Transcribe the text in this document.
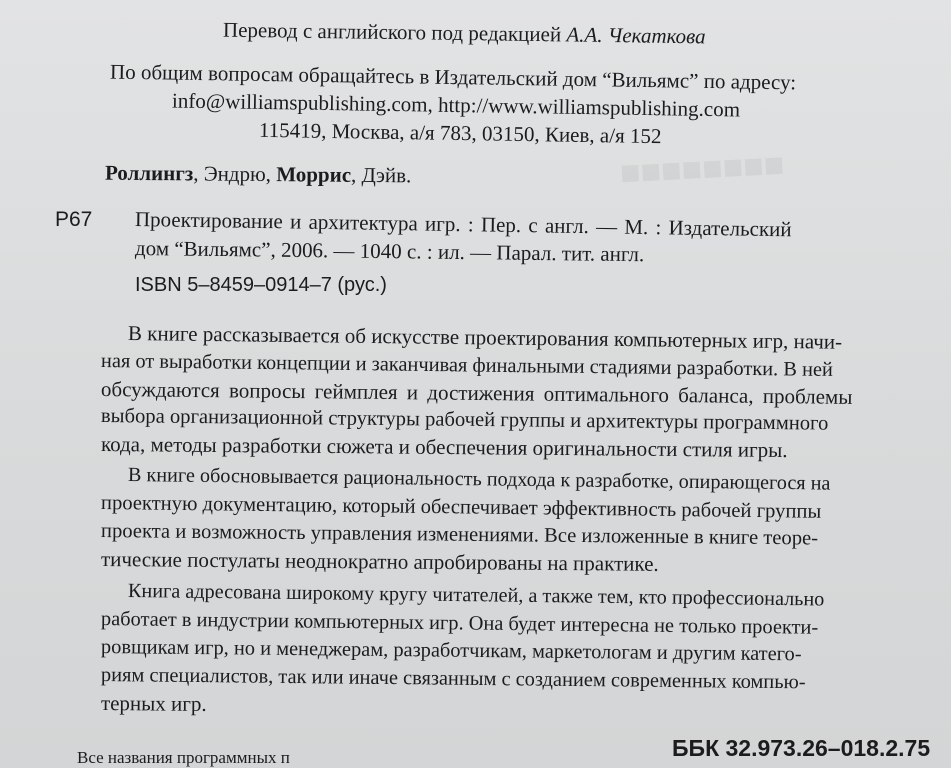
■■■■■■■■
Перевод с английского под редакцией А.А. Чекаткова
По общим вопросам обращайтесь в Издательский дом “Вильямс” по адресу:
info@williamspublishing.com, http://www.williamspublishing.com
115419, Москва, а/я 783, 03150, Киев, а/я 152
Роллингз, Эндрю, Моррис, Дэйв.
Р67 Проектирование и архитектура игр. : Пер. с англ. — М. : Издательский
дом “Вильямс”, 2006. — 1040 с. : ил. — Парал. тит. англ.
ISBN 5–8459–0914–7 (рус.)
В книге рассказывается об искусстве проектирования компьютерных игр, начи-
ная от выработки концепции и заканчивая финальными стадиями разработки. В ней
обсуждаются вопросы геймплея и достижения оптимального баланса, проблемы
выбора организационной структуры рабочей группы и архитектуры программного
кода, методы разработки сюжета и обеспечения оригинальности стиля игры.
В книге обосновывается рациональность подхода к разработке, опирающегося на
проектную документацию, который обеспечивает эффективность рабочей группы
проекта и возможность управления изменениями. Все изложенные в книге теоре-
тические постулаты неоднократно апробированы на практике.
Книга адресована широкому кругу читателей, а также тем, кто профессионально
работает в индустрии компьютерных игр. Она будет интересна не только проекти-
ровщикам игр, но и менеджерам, разработчикам, маркетологам и другим катего-
риям специалистов, так или иначе связанным с созданием современных компью-
терных игр.
Все названия программных п	ББК 32.973.26–018.2.75
